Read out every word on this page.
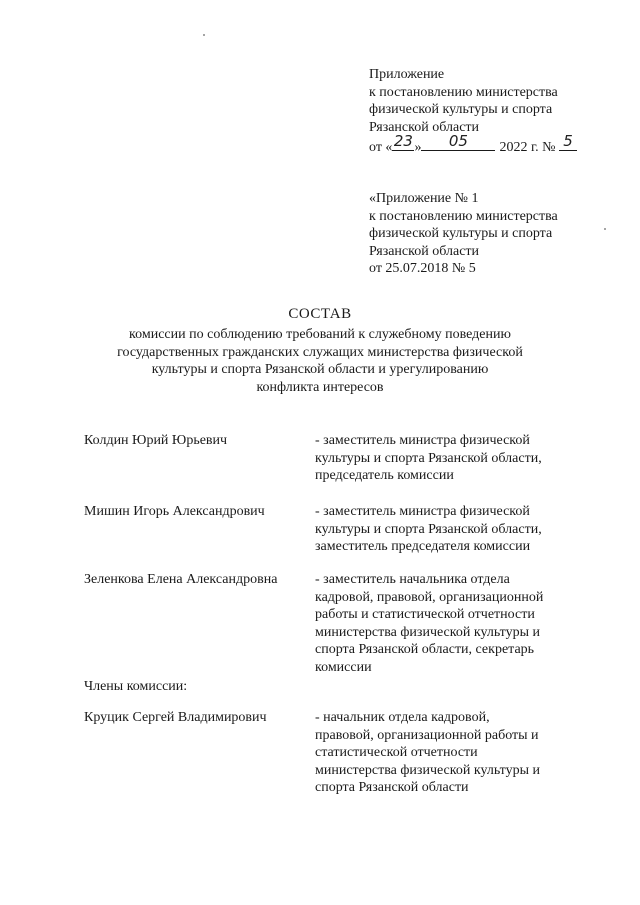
Приложение
к постановлению министерства
физической культуры и спорта
Рязанской области
от « 23 »	05	2022 г. № 5
«Приложение № 1
к постановлению министерства
физической культуры и спорта
Рязанской области
от 25.07.2018 № 5
СОСТАВ
комиссии по соблюдению требований к служебному поведению
государственных гражданских служащих министерства физической
культуры и спорта Рязанской области и урегулированию
конфликта интересов
Колдин Юрий Юрьевич	- заместитель министра физической
культуры и спорта Рязанской области,
председатель комиссии
Мишин Игорь Александрович	- заместитель министра физической
культуры и спорта Рязанской области,
заместитель председателя комиссии
Зеленкова Елена Александровна	- заместитель начальника отдела
кадровой, правовой, организационной
работы и статистической отчетности
министерства физической культуры и
спорта Рязанской области, секретарь
комиссии
Члены комиссии:
Круцик Сергей Владимирович	- начальник отдела кадровой,
правовой, организационной работы и
статистической отчетности
министерства физической культуры и
спорта Рязанской области
